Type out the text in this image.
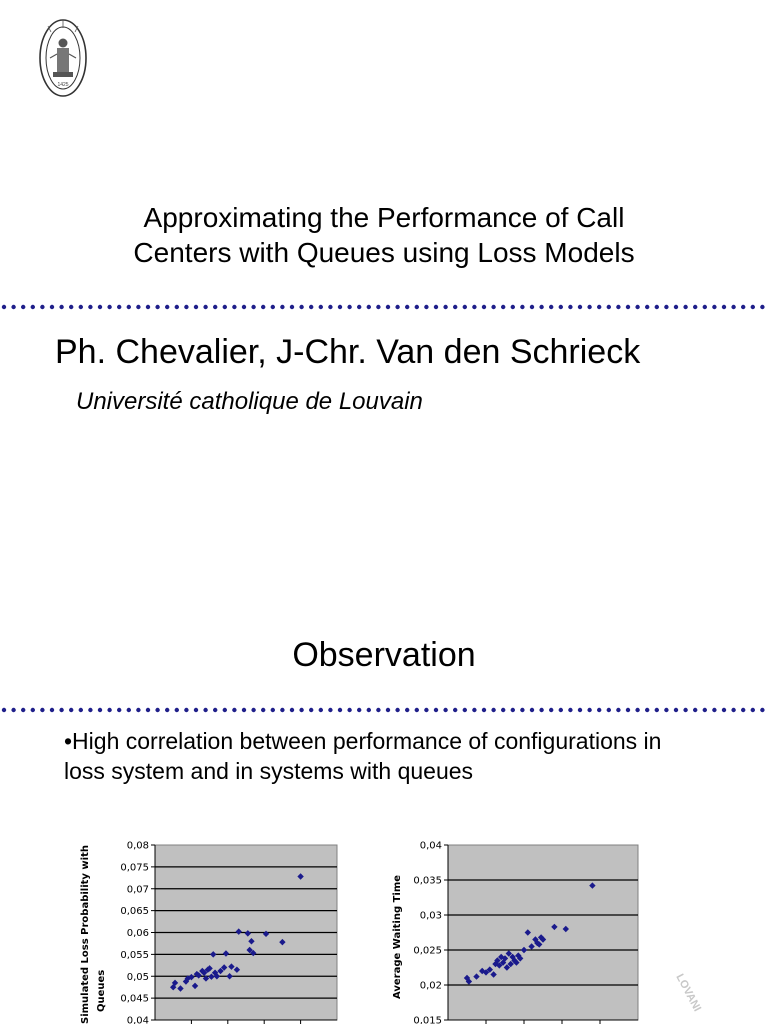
1425
Approximating the Performance of Call
Centers with Queues using Loss Models
Ph. Chevalier, J-Chr. Van den Schrieck
Université catholique de Louvain
Observation
•High correlation between performance of configurations in loss system and in systems with queues
Simulated Loss Probability with Queues
0,04
0,045
0,05
0,055
0,06
0,065
0,07
0,075
0,08
Average Waiting Time
0,015
0,02
0,025
0,03
0,035
0,04
LOVANI
